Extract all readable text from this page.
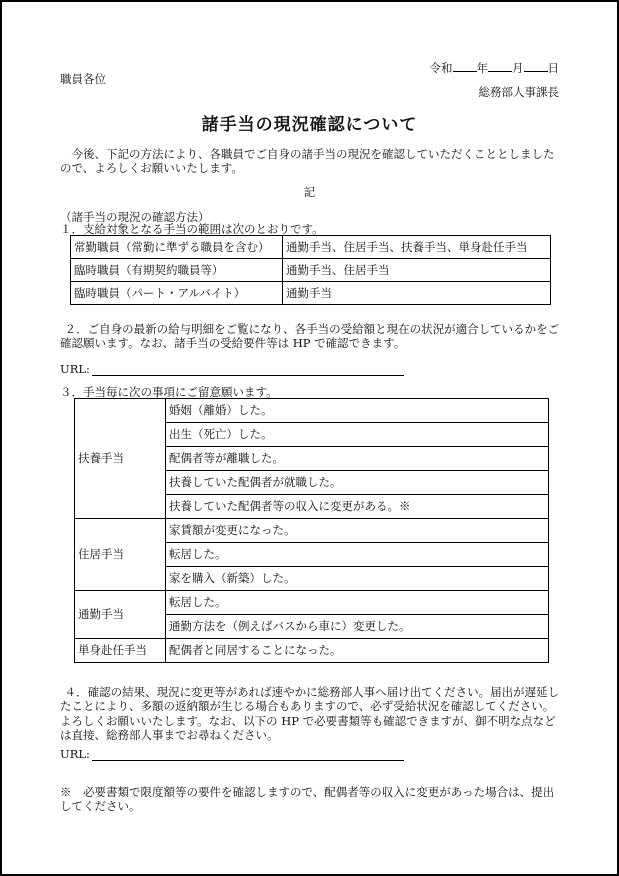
令和 年 月 日
職員各位
総務部人事課長
諸手当の現況確認について
今後、下記の方法により、各職員でご自身の諸手当の現況を確認していただくこととしましたので、よろしくお願いいたします。
記
（諸手当の現況の確認方法）
１．支給対象となる手当の範囲は次のとおりです。
常勤職員（常勤に準ずる職員を含む）	通勤手当、住居手当、扶養手当、単身赴任手当
臨時職員（有期契約職員等）	通勤手当、住居手当
臨時職員（パート・アルバイト）	通勤手当
２．ご自身の最新の給与明細をご覧になり、各手当の受給額と現在の状況が適合しているかをご確認願います。なお、諸手当の受給要件等は HP で確認できます。
URL:
３．手当毎に次の事項にご留意願います。
扶養手当	婚姻（離婚）した。
	出生（死亡）した。
	配偶者等が離職した。
	扶養していた配偶者が就職した。
	扶養していた配偶者等の収入に変更がある。※
住居手当	家賃額が変更になった。
	転居した。
	家を購入（新築）した。
通勤手当	転居した。
	通勤方法を（例えばバスから車に）変更した。
単身赴任手当	配偶者と同居することになった。
４．確認の結果、現況に変更等があれば速やかに総務部人事へ届け出てください。届出が遅延したことにより、多額の返納額が生じる場合もありますので、必ず受給状況を確認してください。よろしくお願いいたします。なお、以下の HP で必要書類等も確認できますが、御不明な点などは直接、総務部人事までお尋ねください。
URL:
※　必要書類で限度額等の要件を確認しますので、配偶者等の収入に変更があった場合は、提出してください。
